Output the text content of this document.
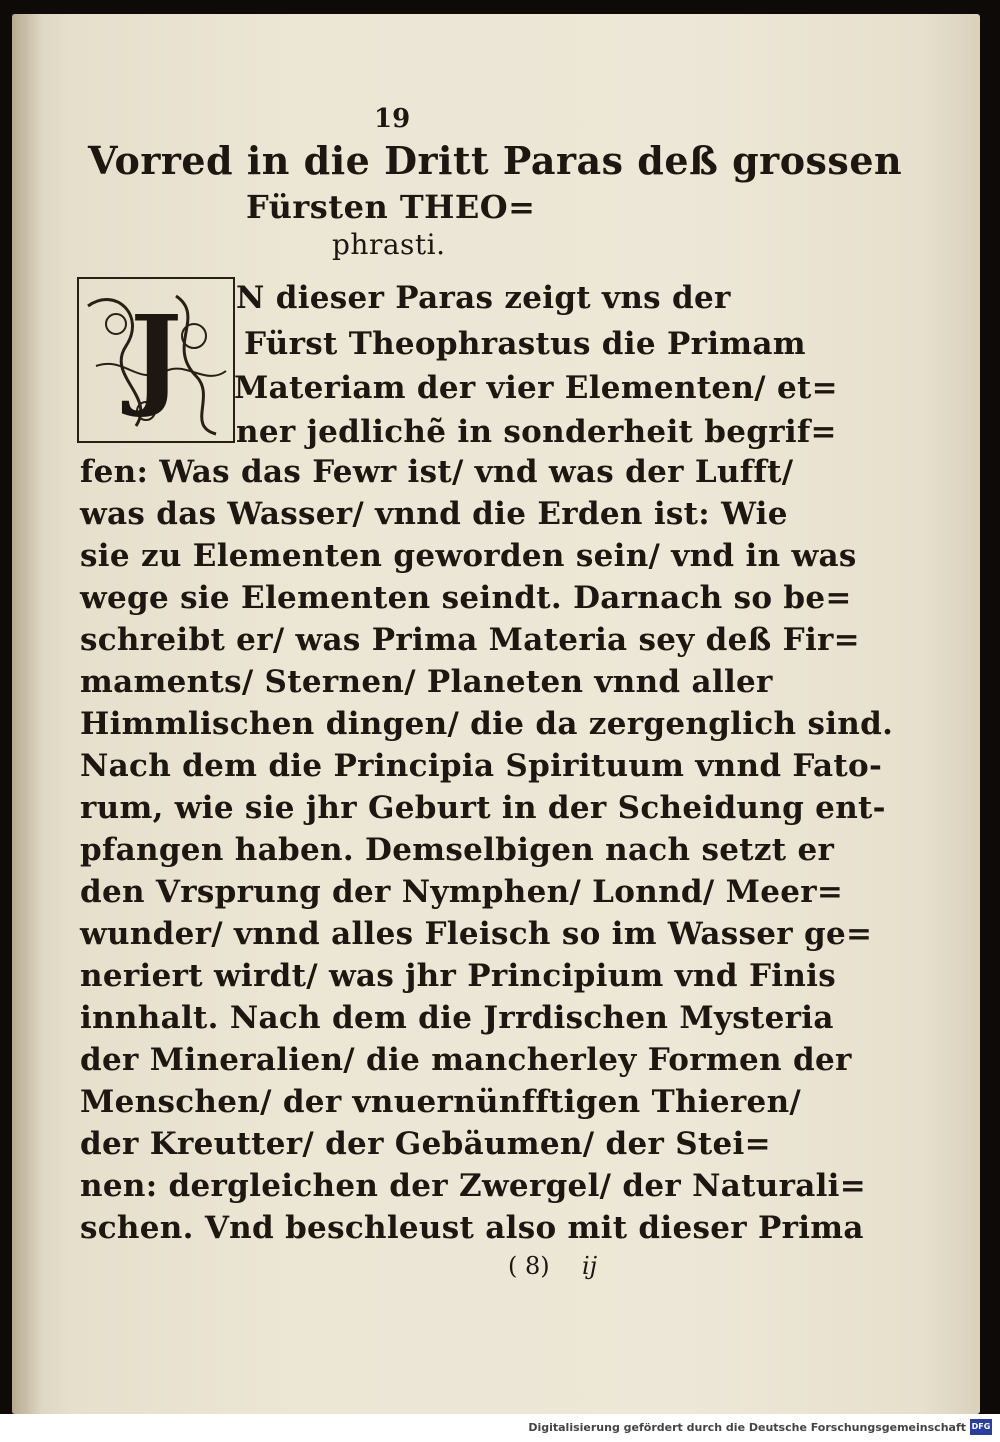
19
Vorred in die Dritt Paras deß grossen
Fürsten THEO=
phrasti.
J N dieser Paras zeigt vns der
Fürst Theophrastus die Primam
Materiam der vier Elementen/ et=
ner jedlichẽ in sonderheit begrif=
fen: Was das Fewr ist/ vnd was der Lufft/
was das Wasser/ vnnd die Erden ist: Wie
sie zu Elementen geworden sein/ vnd in was
wege sie Elementen seindt. Darnach so be=
schreibt er/ was Prima Materia sey deß Fir=
maments/ Sternen/ Planeten vnnd aller
Himmlischen dingen/ die da zergenglich sind.
Nach dem die Principia Spirituum vnnd Fato-
rum, wie sie jhr Geburt in der Scheidung ent-
pfangen haben. Demselbigen nach setzt er
den Vrsprung der Nymphen/ Lonnd/ Meer=
wunder/ vnnd alles Fleisch so im Wasser ge=
neriert wirdt/ was jhr Principium vnd Finis
innhalt. Nach dem die Jrrdischen Mysteria
der Mineralien/ die mancherley Formen der
Menschen/ der vnuernünfftigen Thieren/
der Kreutter/ der Gebäumen/ der Stei=
nen: dergleichen der Zwergel/ der Naturali=
schen. Vnd beschleust also mit dieser Prima
( 8) ij
Digitalisierung gefördert durch die Deutsche Forschungsgemeinschaft DFG
